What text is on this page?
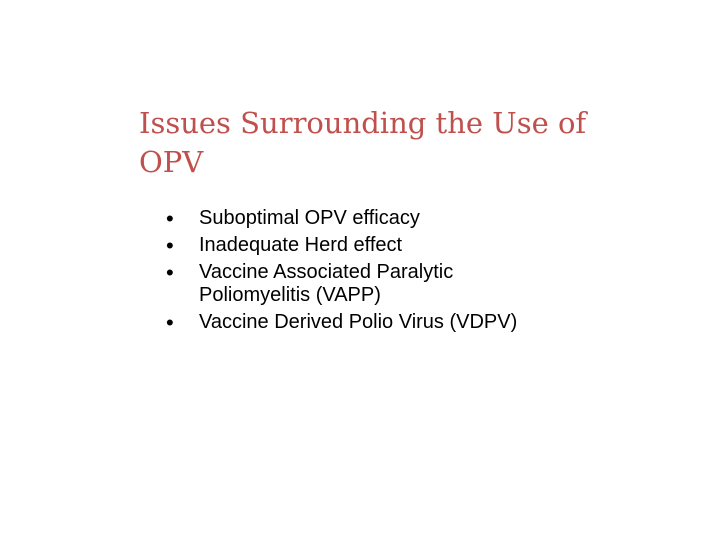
Issues Surrounding the Use of OPV
• Suboptimal OPV efficacy
• Inadequate Herd effect
• Vaccine Associated Paralytic Poliomyelitis (VAPP)
• Vaccine Derived Polio Virus (VDPV)
